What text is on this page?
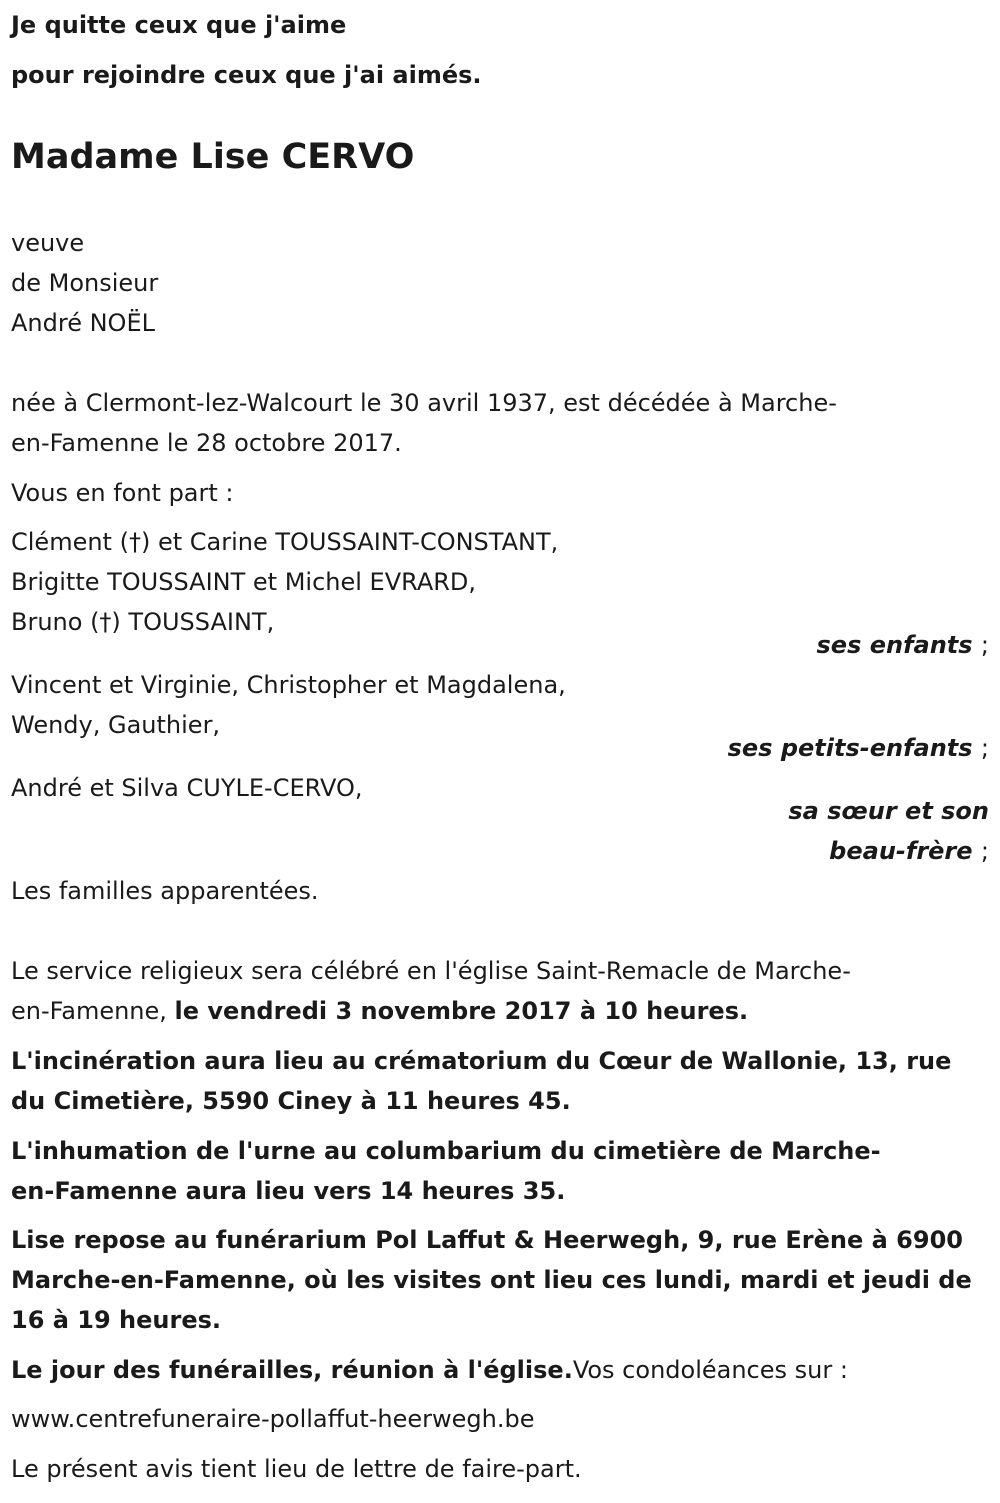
Je quitte ceux que j'aime
pour rejoindre ceux que j'ai aimés.
Madame Lise CERVO
veuve
de Monsieur
André NOËL
née à Clermont-lez-Walcourt le 30 avril 1937, est décédée à Marche-
en-Famenne le 28 octobre 2017.
Vous en font part :
Clément (†) et Carine TOUSSAINT-CONSTANT,
Brigitte TOUSSAINT et Michel EVRARD,
Bruno (†) TOUSSAINT,
ses enfants ;
Vincent et Virginie, Christopher et Magdalena,
Wendy, Gauthier,
ses petits-enfants ;
André et Silva CUYLE-CERVO,
sa sœur et son
beau-frère ;
Les familles apparentées.
Le service religieux sera célébré en l'église Saint-Remacle de Marche-
en-Famenne, le vendredi 3 novembre 2017 à 10 heures.
L'incinération aura lieu au crématorium du Cœur de Wallonie, 13, rue
du Cimetière, 5590 Ciney à 11 heures 45.
L'inhumation de l'urne au columbarium du cimetière de Marche-
en-Famenne aura lieu vers 14 heures 35.
Lise repose au funérarium Pol Laffut & Heerwegh, 9, rue Erène à 6900
Marche-en-Famenne, où les visites ont lieu ces lundi, mardi et jeudi de
16 à 19 heures.
Le jour des funérailles, réunion à l'église.Vos condoléances sur :
www.centrefuneraire-pollaffut-heerwegh.be
Le présent avis tient lieu de lettre de faire-part.
